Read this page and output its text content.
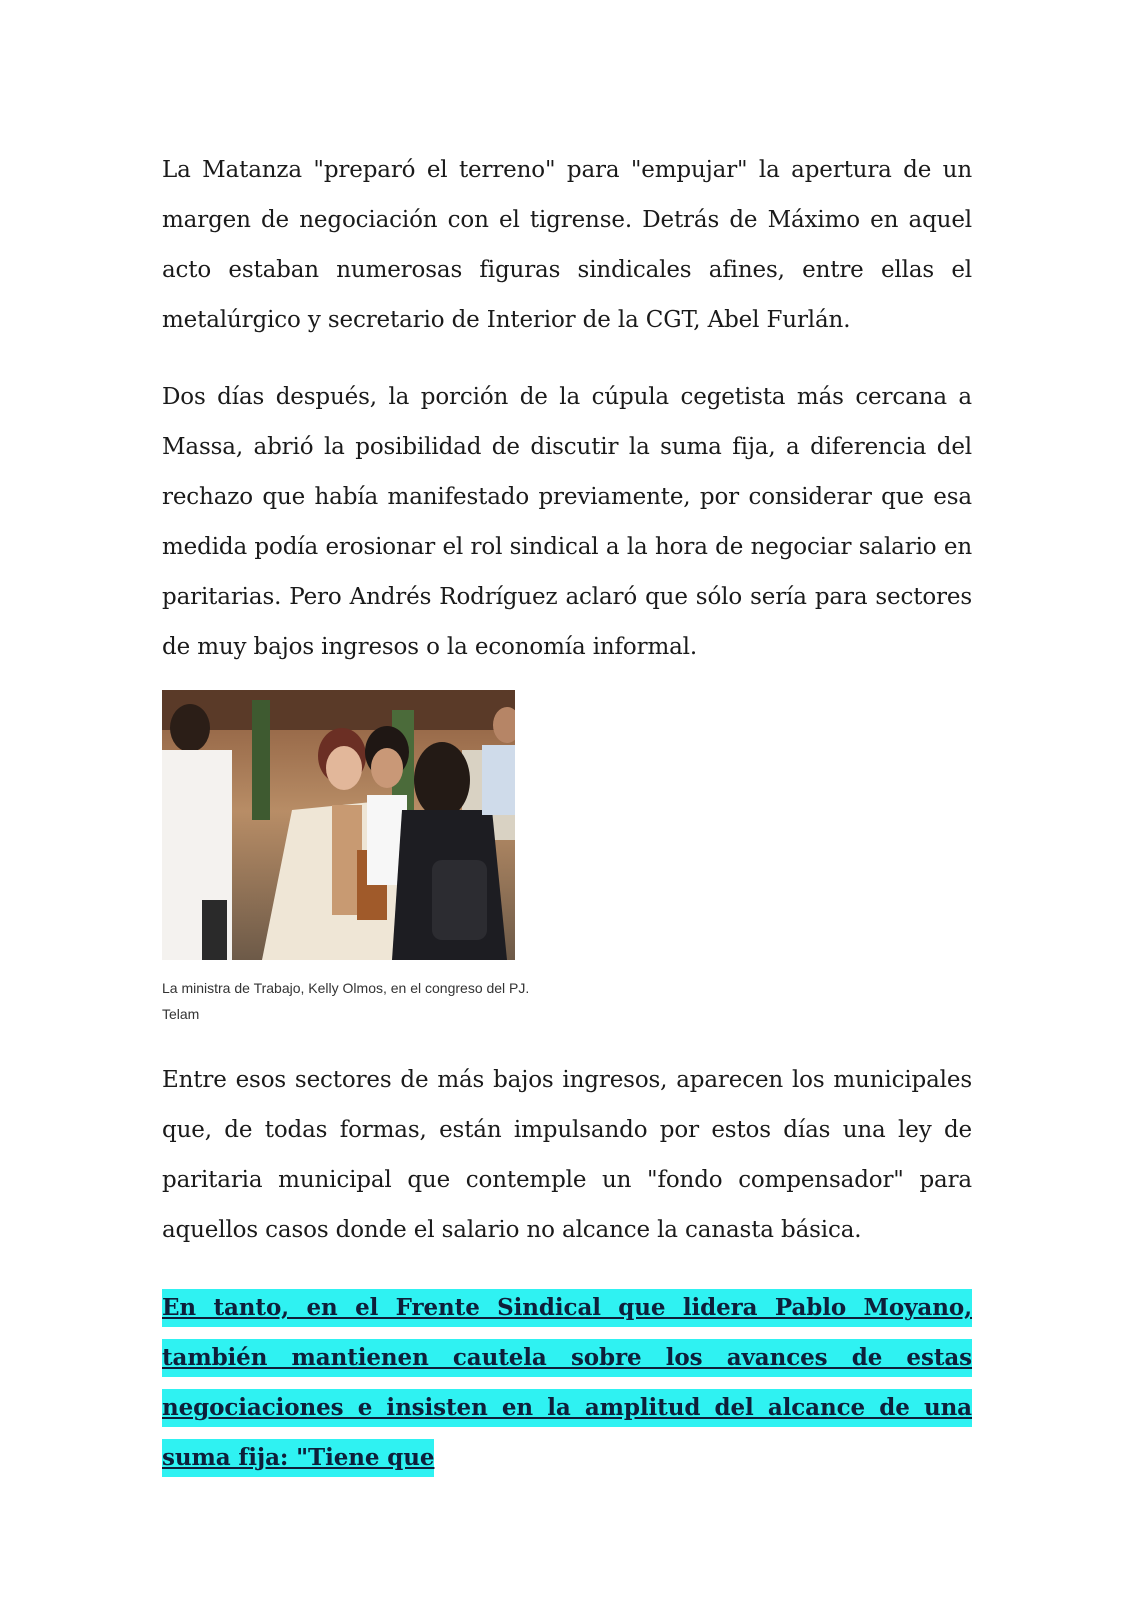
La Matanza "preparó el terreno" para "empujar" la apertura de un margen de negociación con el tigrense. Detrás de Máximo en aquel acto estaban numerosas figuras sindicales afines, entre ellas el metalúrgico y secretario de Interior de la CGT, Abel Furlán.

Dos días después, la porción de la cúpula cegetista más cercana a Massa, abrió la posibilidad de discutir la suma fija, a diferencia del rechazo que había manifestado previamente, por considerar que esa medida podía erosionar el rol sindical a la hora de negociar salario en paritarias. Pero Andrés Rodríguez aclaró que sólo sería para sectores de muy bajos ingresos o la economía informal.

La ministra de Trabajo, Kelly Olmos, en el congreso del PJ.
Telam

Entre esos sectores de más bajos ingresos, aparecen los municipales que, de todas formas, están impulsando por estos días una ley de paritaria municipal que contemple un "fondo compensador" para aquellos casos donde el salario no alcance la canasta básica.

En tanto, en el Frente Sindical que lidera Pablo Moyano, también mantienen cautela sobre los avances de estas negociaciones e insisten en la amplitud del alcance de una suma fija: "Tiene que
